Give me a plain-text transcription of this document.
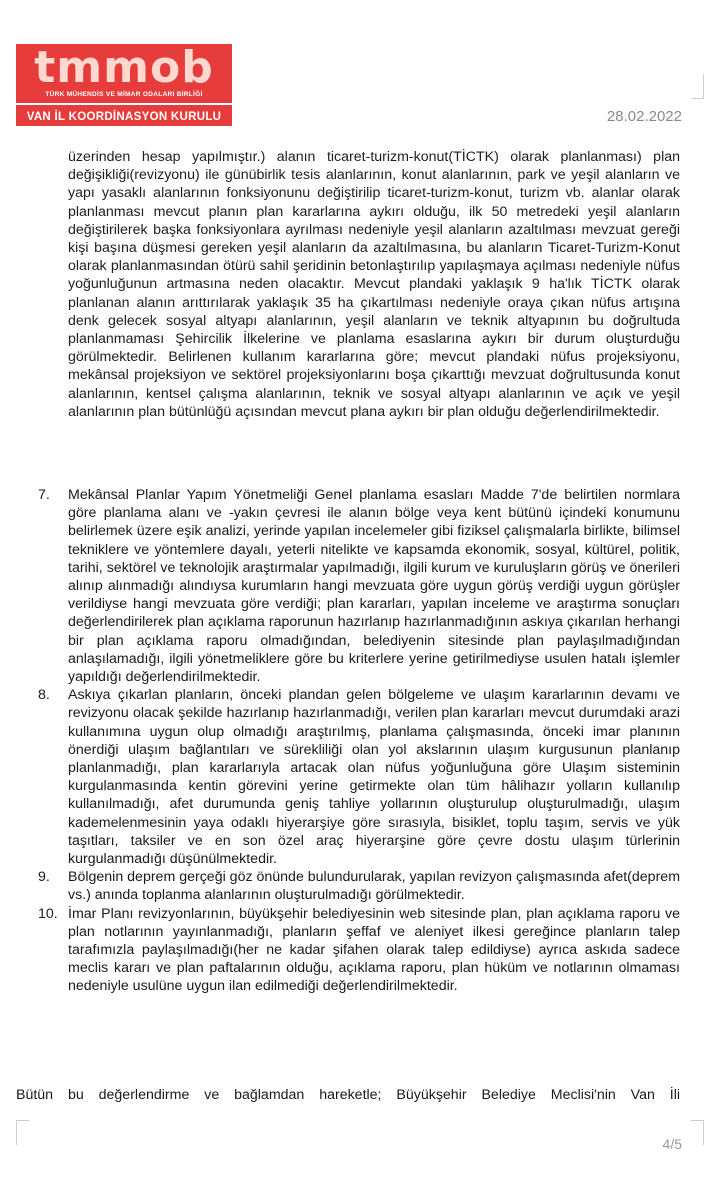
tmmob
TÜRK MÜHENDİS VE MİMAR ODALARI BİRLİĞİ
VAN İL KOORDİNASYON KURULU	28.02.2022
üzerinden hesap yapılmıştır.) alanın ticaret-turizm-konut(TİCTK) olarak planlanması) plan değişikliği(revizyonu) ile günübirlik tesis alanlarının, konut alanlarının, park ve yeşil alanların ve yapı yasaklı alanlarının fonksiyonunu değiştirilip ticaret-turizm-konut, turizm vb. alanlar olarak planlanması mevcut planın plan kararlarına aykırı olduğu, ilk 50 metredeki yeşil alanların değiştirilerek başka fonksiyonlara ayrılması nedeniyle yeşil alanların azaltılması mevzuat gereği kişi başına düşmesi gereken yeşil alanların da azaltılmasına, bu alanların Ticaret-Turizm-Konut olarak planlanmasından ötürü sahil şeridinin betonlaştırılıp yapılaşmaya açılması nedeniyle nüfus yoğunluğunun artmasına neden olacaktır. Mevcut plandaki yaklaşık 9 ha'lık TİCTK olarak planlanan alanın arıttırılarak yaklaşık 35 ha çıkartılması nedeniyle oraya çıkan nüfus artışına denk gelecek sosyal altyapı alanlarının, yeşil alanların ve teknik altyapının bu doğrultuda planlanmaması Şehircilik İlkelerine ve planlama esaslarına aykırı bir durum oluşturduğu görülmektedir. Belirlenen kullanım kararlarına göre; mevcut plandaki nüfus projeksiyonu, mekânsal projeksiyon ve sektörel projeksiyonlarını boşa çıkarttığı mevzuat doğrultusunda konut alanlarının, kentsel çalışma alanlarının, teknik ve sosyal altyapı alanlarının ve açık ve yeşil alanlarının plan bütünlüğü açısından mevcut plana aykırı bir plan olduğu değerlendirilmektedir.
7.	Mekânsal Planlar Yapım Yönetmeliği Genel planlama esasları Madde 7'de belirtilen normlara göre planlama alanı ve -yakın çevresi ile alanın bölge veya kent bütünü içindeki konumunu belirlemek üzere eşik analizi, yerinde yapılan incelemeler gibi fiziksel çalışmalarla birlikte, bilimsel tekniklere ve yöntemlere dayalı, yeterli nitelikte ve kapsamda ekonomik, sosyal, kültürel, politik, tarihi, sektörel ve teknolojik araştırmalar yapılmadığı, ilgili kurum ve kuruluşların görüş ve önerileri alınıp alınmadığı alındıysa kurumların hangi mevzuata göre uygun görüş verdiği uygun görüşler verildiyse hangi mevzuata göre verdiği; plan kararları, yapılan inceleme ve araştırma sonuçları değerlendirilerek plan açıklama raporunun hazırlanıp hazırlanmadığının askıya çıkarılan herhangi bir plan açıklama raporu olmadığından, belediyenin sitesinde plan paylaşılmadığından anlaşılamadığı, ilgili yönetmeliklere göre bu kriterlere yerine getirilmediyse usulen hatalı işlemler yapıldığı değerlendirilmektedir.
8.	Askıya çıkarlan planların, önceki plandan gelen bölgeleme ve ulaşım kararlarının devamı ve revizyonu olacak şekilde hazırlanıp hazırlanmadığı, verilen plan kararları mevcut durumdaki arazi kullanımına uygun olup olmadığı araştırılmış, planlama çalışmasında, önceki imar planının önerdiği ulaşım bağlantıları ve sürekliliği olan yol akslarının ulaşım kurgusunun planlanıp planlanmadığı, plan kararlarıyla artacak olan nüfus yoğunluğuna göre Ulaşım sisteminin kurgulanmasında kentin görevini yerine getirmekte olan tüm hâlihazır yolların kullanılıp kullanılmadığı, afet durumunda geniş tahliye yollarının oluşturulup oluşturulmadığı, ulaşım kademelenmesinin yaya odaklı hiyerarşiye göre sırasıyla, bisiklet, toplu taşım, servis ve yük taşıtları, taksiler ve en son özel araç hiyerarşine göre çevre dostu ulaşım türlerinin kurgulanmadığı düşünülmektedir.
9.	Bölgenin deprem gerçeği göz önünde bulundurularak, yapılan revizyon çalışmasında afet(deprem vs.) anında toplanma alanlarının oluşturulmadığı görülmektedir.
10. İmar Planı revizyonlarının, büyükşehir belediyesinin web sitesinde plan, plan açıklama raporu ve plan notlarının yayınlanmadığı, planların şeffaf ve aleniyet ilkesi gereğince planların talep tarafımızla paylaşılmadığı(her ne kadar şifahen olarak talep edildiyse) ayrıca askıda sadece meclis kararı ve plan paftalarının olduğu, açıklama raporu, plan hüküm ve notlarının olmaması nedeniyle usulüne uygun ilan edilmediği değerlendirilmektedir.
Bütün bu değerlendirme ve bağlamdan hareketle; Büyükşehir Belediye Meclisi'nin Van İli
4/5
